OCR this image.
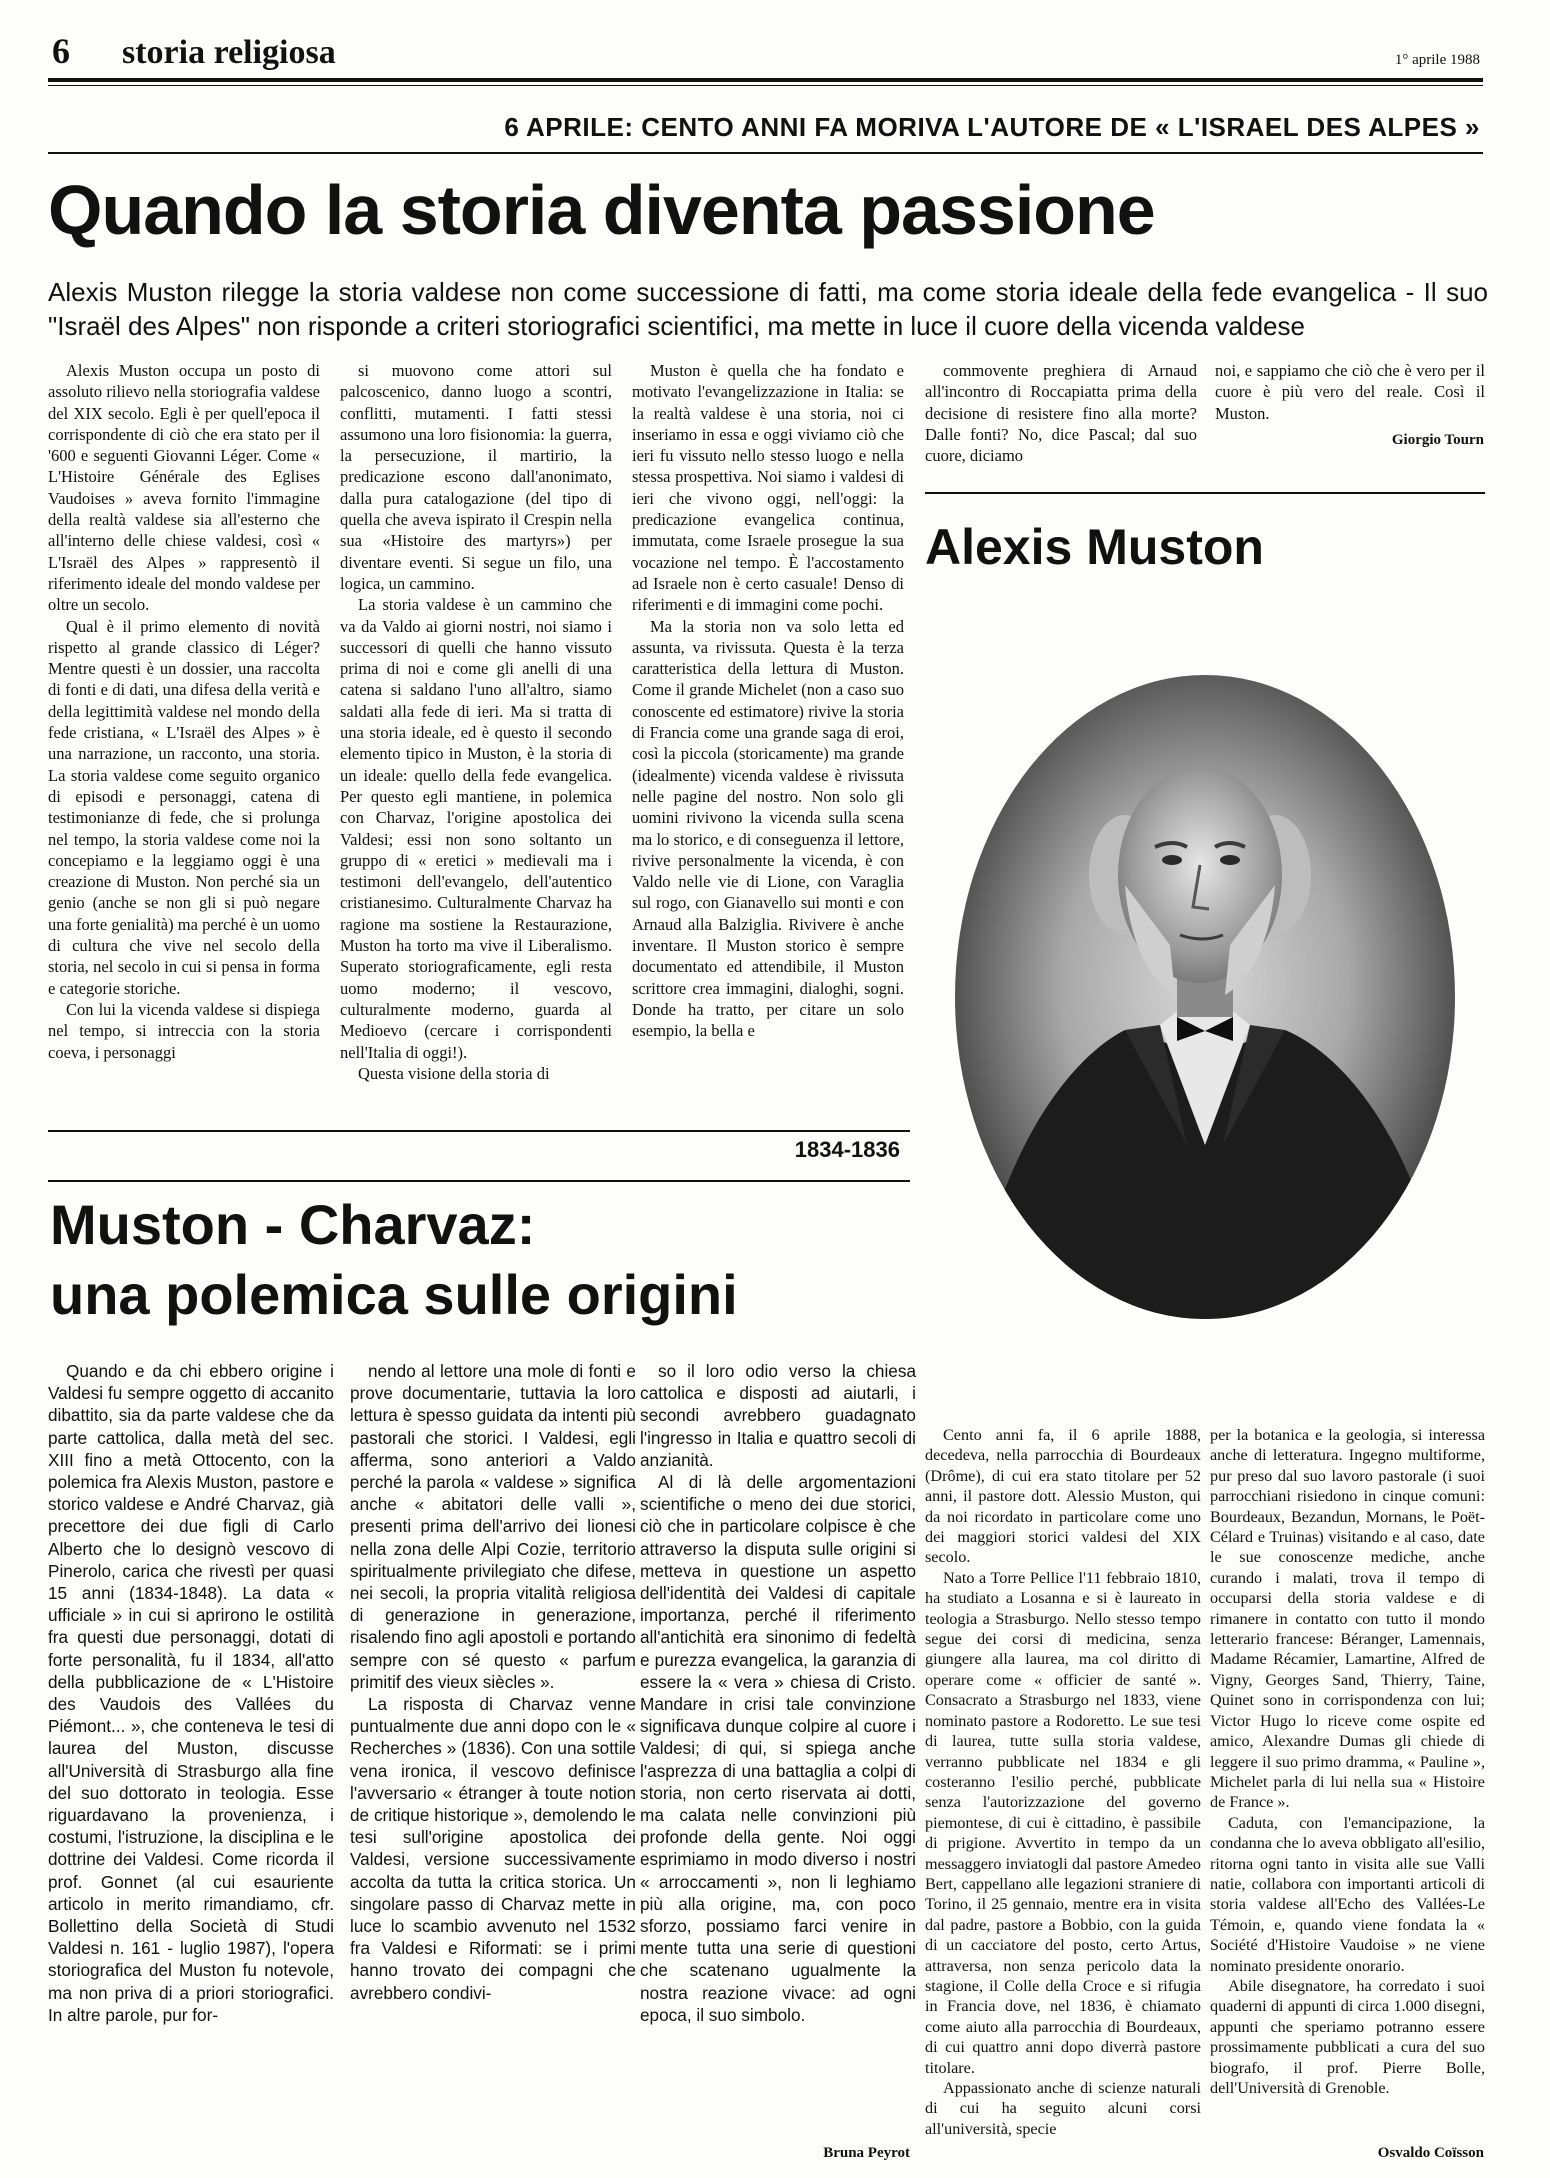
6 storia religiosa	1° aprile 1988
6 APRILE: CENTO ANNI FA MORIVA L'AUTORE DE « L'ISRAEL DES ALPES »
Quando la storia diventa passione
Alexis Muston rilegge la storia valdese non come successione di fatti, ma come storia ideale della fede evangelica - Il suo "Israël des Alpes" non risponde a criteri storiografici scientifici, ma mette in luce il cuore della vicenda valdese

Alexis Muston occupa un posto di assoluto rilievo nella storiografia valdese del XIX secolo. Egli è per quell'epoca il corrispondente di ciò che era stato per il '600 e seguenti Giovanni Léger. Come « L'Histoire Générale des Eglises Vaudoises » aveva fornito l'immagine della realtà valdese sia all'esterno che all'interno delle chiese valdesi, così « L'Israël des Alpes » rappresentò il riferimento ideale del mondo valdese per oltre un secolo.

Qual è il primo elemento di novità rispetto al grande classico di Léger? Mentre questi è un dossier, una raccolta di fonti e di dati, una difesa della verità e della legittimità valdese nel mondo della fede cristiana, « L'Israël des Alpes » è una narrazione, un racconto, una storia. La storia valdese come seguito organico di episodi e personaggi, catena di testimonianze di fede, che si prolunga nel tempo, la storia valdese come noi la concepiamo e la leggiamo oggi è una creazione di Muston. Non perché sia un genio (anche se non gli si può negare una forte genialità) ma perché è un uomo di cultura che vive nel secolo della storia, nel secolo in cui si pensa in forma e categorie storiche.

Con lui la vicenda valdese si dispiega nel tempo, si intreccia con la storia coeva, i personaggi

si muovono come attori sul palcoscenico, danno luogo a scontri, conflitti, mutamenti. I fatti stessi assumono una loro fisionomia: la guerra, la persecuzione, il martirio, la predicazione escono dall'anonimato, dalla pura catalogazione (del tipo di quella che aveva ispirato il Crespin nella sua «Histoire des martyrs») per diventare eventi. Si segue un filo, una logica, un cammino.

La storia valdese è un cammino che va da Valdo ai giorni nostri, noi siamo i successori di quelli che hanno vissuto prima di noi e come gli anelli di una catena si saldano l'uno all'altro, siamo saldati alla fede di ieri. Ma si tratta di una storia ideale, ed è questo il secondo elemento tipico in Muston, è la storia di un ideale: quello della fede evangelica. Per questo egli mantiene, in polemica con Charvaz, l'origine apostolica dei Valdesi; essi non sono soltanto un gruppo di « eretici » medievali ma i testimoni dell'evangelo, dell'autentico cristianesimo. Culturalmente Charvaz ha ragione ma sostiene la Restaurazione, Muston ha torto ma vive il Liberalismo. Superato storiograficamente, egli resta uomo moderno; il vescovo, culturalmente moderno, guarda al Medioevo (cercare i corrispondenti nell'Italia di oggi!).

Questa visione della storia di

Muston è quella che ha fondato e motivato l'evangelizzazione in Italia: se la realtà valdese è una storia, noi ci inseriamo in essa e oggi viviamo ciò che ieri fu vissuto nello stesso luogo e nella stessa prospettiva. Noi siamo i valdesi di ieri che vivono oggi, nell'oggi: la predicazione evangelica continua, immutata, come Israele prosegue la sua vocazione nel tempo. È l'accostamento ad Israele non è certo casuale! Denso di riferimenti e di immagini come pochi.

Ma la storia non va solo letta ed assunta, va rivissuta. Questa è la terza caratteristica della lettura di Muston. Come il grande Michelet (non a caso suo conoscente ed estimatore) rivive la storia di Francia come una grande saga di eroi, così la piccola (storicamente) ma grande (idealmente) vicenda valdese è rivissuta nelle pagine del nostro. Non solo gli uomini rivivono la vicenda sulla scena ma lo storico, e di conseguenza il lettore, rivive personalmente la vicenda, è con Valdo nelle vie di Lione, con Varaglia sul rogo, con Gianavello sui monti e con Arnaud alla Balziglia. Rivivere è anche inventare. Il Muston storico è sempre documentato ed attendibile, il Muston scrittore crea immagini, dialoghi, sogni. Donde ha tratto, per citare un solo esempio, la bella e

commovente preghiera di Arnaud all'incontro di Roccapiatta prima della decisione di resistere fino alla morte? Dalle fonti? No, dice Pascal; dal suo cuore, diciamo

noi, e sappiamo che ciò che è vero per il cuore è più vero del reale. Così il Muston.

Giorgio Tourn
Alexis Muston
1834-1836
Muston - Charvaz:
una polemica sulle origini

Quando e da chi ebbero origine i Valdesi fu sempre oggetto di accanito dibattito, sia da parte valdese che da parte cattolica, dalla metà del sec. XIII fino a metà Ottocento, con la polemica fra Alexis Muston, pastore e storico valdese e André Charvaz, già precettore dei due figli di Carlo Alberto che lo designò vescovo di Pinerolo, carica che rivestì per quasi 15 anni (1834-1848). La data « ufficiale » in cui si aprirono le ostilità fra questi due personaggi, dotati di forte personalità, fu il 1834, all'atto della pubblicazione de « L'Histoire des Vaudois des Vallées du Piémont... », che conteneva le tesi di laurea del Muston, discusse all'Università di Strasburgo alla fine del suo dottorato in teologia. Esse riguardavano la provenienza, i costumi, l'istruzione, la disciplina e le dottrine dei Valdesi. Come ricorda il prof. Gonnet (al cui esauriente articolo in merito rimandiamo, cfr. Bollettino della Società di Studi Valdesi n. 161 - luglio 1987), l'opera storiografica del Muston fu notevole, ma non priva di a priori storiografici. In altre parole, pur for-

nendo al lettore una mole di fonti e prove documentarie, tuttavia la loro lettura è spesso guidata da intenti più pastorali che storici. I Valdesi, egli afferma, sono anteriori a Valdo perché la parola « valdese » significa anche « abitatori delle valli », presenti prima dell'arrivo dei lionesi nella zona delle Alpi Cozie, territorio spiritualmente privilegiato che difese, nei secoli, la propria vitalità religiosa di generazione in generazione, risalendo fino agli apostoli e portando sempre con sé questo « parfum primitif des vieux siècles ».

La risposta di Charvaz venne puntualmente due anni dopo con le « Recherches » (1836). Con una sottile vena ironica, il vescovo definisce l'avversario « étranger à toute notion de critique historique », demolendo le tesi sull'origine apostolica dei Valdesi, versione successivamente accolta da tutta la critica storica. Un singolare passo di Charvaz mette in luce lo scambio avvenuto nel 1532 fra Valdesi e Riformati: se i primi hanno trovato dei compagni che avrebbero condivi-

so il loro odio verso la chiesa cattolica e disposti ad aiutarli, i secondi avrebbero guadagnato l'ingresso in Italia e quattro secoli di anzianità.

Al di là delle argomentazioni scientifiche o meno dei due storici, ciò che in particolare colpisce è che attraverso la disputa sulle origini si metteva in questione un aspetto dell'identità dei Valdesi di capitale importanza, perché il riferimento all'antichità era sinonimo di fedeltà e purezza evangelica, la garanzia di essere la « vera » chiesa di Cristo. Mandare in crisi tale convinzione significava dunque colpire al cuore i Valdesi; di qui, si spiega anche l'asprezza di una battaglia a colpi di storia, non certo riservata ai dotti, ma calata nelle convinzioni più profonde della gente. Noi oggi esprimiamo in modo diverso i nostri « arroccamenti », non li leghiamo più alla origine, ma, con poco sforzo, possiamo farci venire in mente tutta una serie di questioni che scatenano ugualmente la nostra reazione vivace: ad ogni epoca, il suo simbolo.

Bruna Peyrot

Cento anni fa, il 6 aprile 1888, decedeva, nella parrocchia di Bourdeaux (Drôme), di cui era stato titolare per 52 anni, il pastore dott. Alessio Muston, qui da noi ricordato in particolare come uno dei maggiori storici valdesi del XIX secolo.

Nato a Torre Pellice l'11 febbraio 1810, ha studiato a Losanna e si è laureato in teologia a Strasburgo. Nello stesso tempo segue dei corsi di medicina, senza giungere alla laurea, ma col diritto di operare come « officier de santé ». Consacrato a Strasburgo nel 1833, viene nominato pastore a Rodoretto. Le sue tesi di laurea, tutte sulla storia valdese, verranno pubblicate nel 1834 e gli costeranno l'esilio perché, pubblicate senza l'autorizzazione del governo piemontese, di cui è cittadino, è passibile di prigione. Avvertito in tempo da un messaggero inviatogli dal pastore Amedeo Bert, cappellano alle legazioni straniere di Torino, il 25 gennaio, mentre era in visita dal padre, pastore a Bobbio, con la guida di un cacciatore del posto, certo Artus, attraversa, non senza pericolo data la stagione, il Colle della Croce e si rifugia in Francia dove, nel 1836, è chiamato come aiuto alla parrocchia di Bourdeaux, di cui quattro anni dopo diverrà pastore titolare.

Appassionato anche di scienze naturali di cui ha seguito alcuni corsi all'università, specie

per la botanica e la geologia, si interessa anche di letteratura. Ingegno multiforme, pur preso dal suo lavoro pastorale (i suoi parrocchiani risiedono in cinque comuni: Bourdeaux, Bezandun, Mornans, le Poët-Célard e Truinas) visitando e al caso, date le sue conoscenze mediche, anche curando i malati, trova il tempo di occuparsi della storia valdese e di rimanere in contatto con tutto il mondo letterario francese: Béranger, Lamennais, Madame Récamier, Lamartine, Alfred de Vigny, Georges Sand, Thierry, Taine, Quinet sono in corrispondenza con lui; Victor Hugo lo riceve come ospite ed amico, Alexandre Dumas gli chiede di leggere il suo primo dramma, « Pauline », Michelet parla di lui nella sua « Histoire de France ».

Caduta, con l'emancipazione, la condanna che lo aveva obbligato all'esilio, ritorna ogni tanto in visita alle sue Valli natie, collabora con importanti articoli di storia valdese all'Echo des Vallées-Le Témoin, e, quando viene fondata la « Société d'Histoire Vaudoise » ne viene nominato presidente onorario.

Abile disegnatore, ha corredato i suoi quaderni di appunti di circa 1.000 disegni, appunti che speriamo potranno essere prossimamente pubblicati a cura del suo biografo, il prof. Pierre Bolle, dell'Università di Grenoble.

Osvaldo Coïsson
